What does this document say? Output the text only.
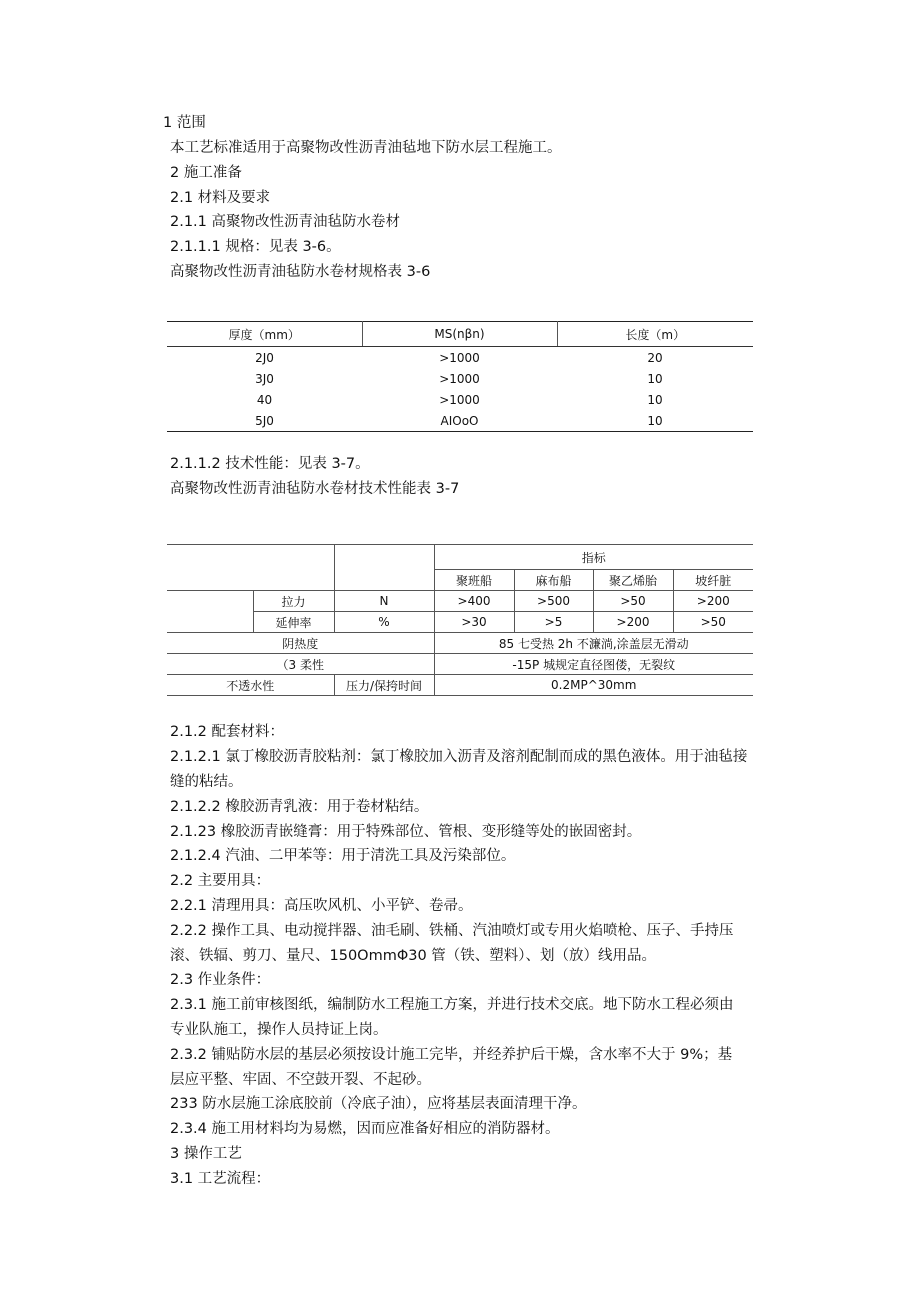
1 范围
本工艺标准适用于高聚物改性沥青油毡地下防水层工程施工。
2 施工准备
2.1 材料及要求
2.1.1 高聚物改性沥青油毡防水卷材
2.1.1.1 规格：见表 3-6。
高聚物改性沥青油毡防水卷材规格表 3-6
厚度（mm）	MS(nβn)	长度（m）
2J0	>1000	20
3J0	>1000	10
40	>1000	10
5J0	AIOoO	10
2.1.1.2 技术性能：见表 3-7。
高聚物改性沥青油毡防水卷材技术性能表 3-7
			指标			
			聚班船	麻布船	聚乙烯胎	坡纤脏
	拉力	N	>400	>500	>50	>200
	延伸率	%	>30	>5	>200	>50
阴热度			85 七受热 2h 不濂淌,涂盖层无滑动			
（3 柔性			-15P 城规定直径图偻，无裂纹			
不透水性		压力/保挎时间	0.2MP^30mm			
2.1.2 配套材料：
2.1.2.1 氯丁橡胶沥青胶粘剂：氯丁橡胶加入沥青及溶剂配制而成的黑色液体。用于油毡接
缝的粘结。
2.1.2.2 橡胶沥青乳液：用于卷材粘结。
2.1.23 橡胶沥青嵌缝膏：用于特殊部位、管根、变形缝等处的嵌固密封。
2.1.2.4 汽油、二甲苯等：用于清洗工具及污染部位。
2.2 主要用具：
2.2.1 清理用具：高压吹风机、小平铲、卷帚。
2.2.2 操作工具、电动搅拌器、油毛刷、铁桶、汽油喷灯或专用火焰喷枪、压子、手持压
滚、铁辐、剪刀、量尺、150OmmΦ30 管（铁、塑料）、划（放）线用品。
2.3 作业条件：
2.3.1 施工前审核图纸，编制防水工程施工方案，并进行技术交底。地下防水工程必须由
专业队施工，操作人员持证上岗。
2.3.2 铺贴防水层的基层必须按设计施工完毕，并经养护后干燥，含水率不大于 9%；基
层应平整、牢固、不空鼓开裂、不起砂。
233 防水层施工涂底胶前（冷底子油），应将基层表面清理干净。
2.3.4 施工用材料均为易燃，因而应准备好相应的消防器材。
3 操作工艺
3.1 工艺流程：
